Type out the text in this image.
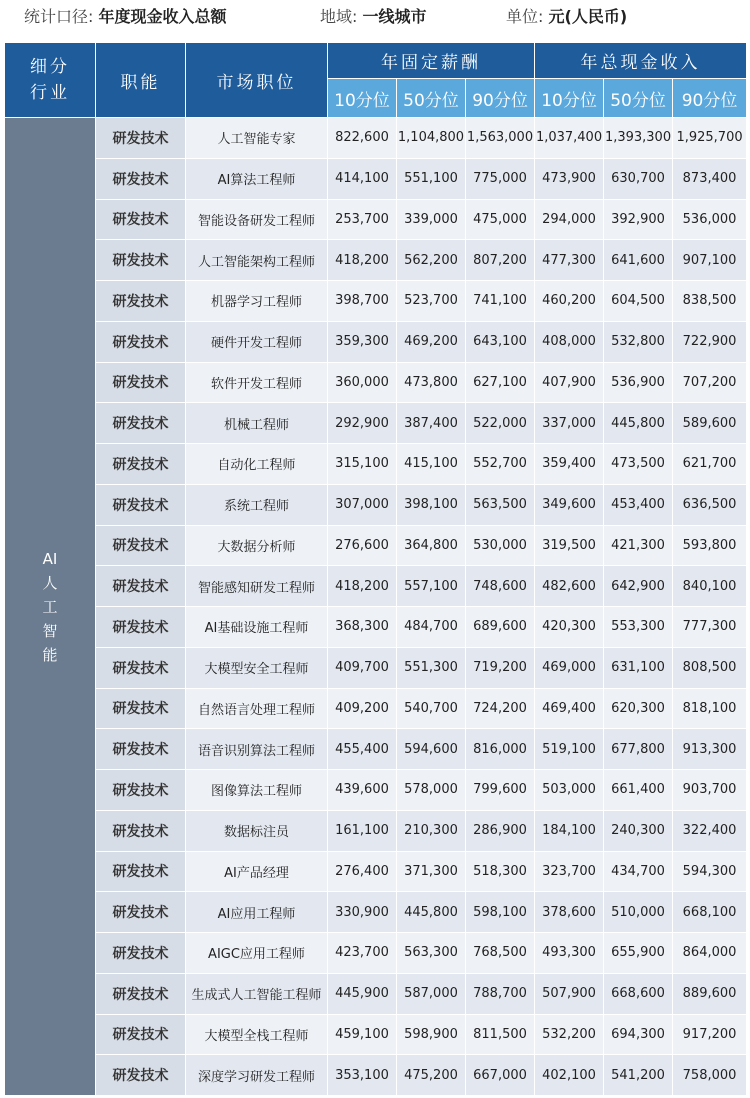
统计口径: 年度现金收入总额	地域: 一线城市	单位: 元(人民币)
细分
行业	职能	市场职位	年固定薪酬			年总现金收入		
			10分位	50分位	90分位	10分位	50分位	90分位

AI
人
工
智
能	研发技术	人工智能专家	822,600	1,104,800	1,563,000	1,037,400	1,393,300	1,925,700
	研发技术	AI算法工程师	414,100	551,100	775,000	473,900	630,700	873,400
	研发技术	智能设备研发工程师	253,700	339,000	475,000	294,000	392,900	536,000
	研发技术	人工智能架构工程师	418,200	562,200	807,200	477,300	641,600	907,100
	研发技术	机器学习工程师	398,700	523,700	741,100	460,200	604,500	838,500
	研发技术	硬件开发工程师	359,300	469,200	643,100	408,000	532,800	722,900
	研发技术	软件开发工程师	360,000	473,800	627,100	407,900	536,900	707,200
	研发技术	机械工程师	292,900	387,400	522,000	337,000	445,800	589,600
	研发技术	自动化工程师	315,100	415,100	552,700	359,400	473,500	621,700
	研发技术	系统工程师	307,000	398,100	563,500	349,600	453,400	636,500
	研发技术	大数据分析师	276,600	364,800	530,000	319,500	421,300	593,800
	研发技术	智能感知研发工程师	418,200	557,100	748,600	482,600	642,900	840,100
	研发技术	AI基础设施工程师	368,300	484,700	689,600	420,300	553,300	777,300
	研发技术	大模型安全工程师	409,700	551,300	719,200	469,000	631,100	808,500
	研发技术	自然语言处理工程师	409,200	540,700	724,200	469,400	620,300	818,100
	研发技术	语音识别算法工程师	455,400	594,600	816,000	519,100	677,800	913,300
	研发技术	图像算法工程师	439,600	578,000	799,600	503,000	661,400	903,700
	研发技术	数据标注员	161,100	210,300	286,900	184,100	240,300	322,400
	研发技术	AI产品经理	276,400	371,300	518,300	323,700	434,700	594,300
	研发技术	AI应用工程师	330,900	445,800	598,100	378,600	510,000	668,100
	研发技术	AIGC应用工程师	423,700	563,300	768,500	493,300	655,900	864,000
	研发技术	生成式人工智能工程师	445,900	587,000	788,700	507,900	668,600	889,600
	研发技术	大模型全栈工程师	459,100	598,900	811,500	532,200	694,300	917,200
	研发技术	深度学习研发工程师	353,100	475,200	667,000	402,100	541,200	758,000
